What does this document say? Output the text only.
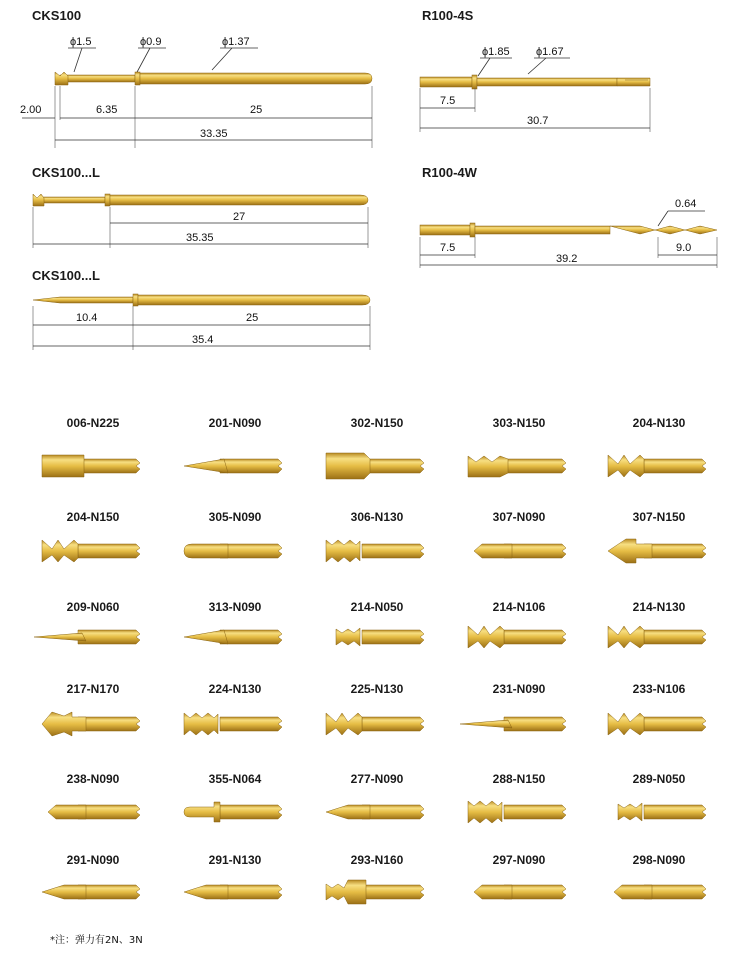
CKS100
ϕ1.5	ϕ0.9	ϕ1.37
2.00	6.35	25
33.35
R100-4S
ϕ1.85 ϕ1.67
7.5
30.7
CKS100...L
27
35.35
R100-4W
0.64
7.5	9.0
39.2
CKS100...L
10.4	25
35.4
006-N225	201-N090	302-N150	303-N150	204-N130
204-N150	305-N090	306-N130	307-N090	307-N150
209-N060	313-N090	214-N050	214-N106	214-N130
217-N170	224-N130	225-N130	231-N090	233-N106
238-N090	355-N064	277-N090	288-N150	289-N050
291-N090	291-N130	293-N160	297-N090	298-N090
*注：弹力有2N、3N
